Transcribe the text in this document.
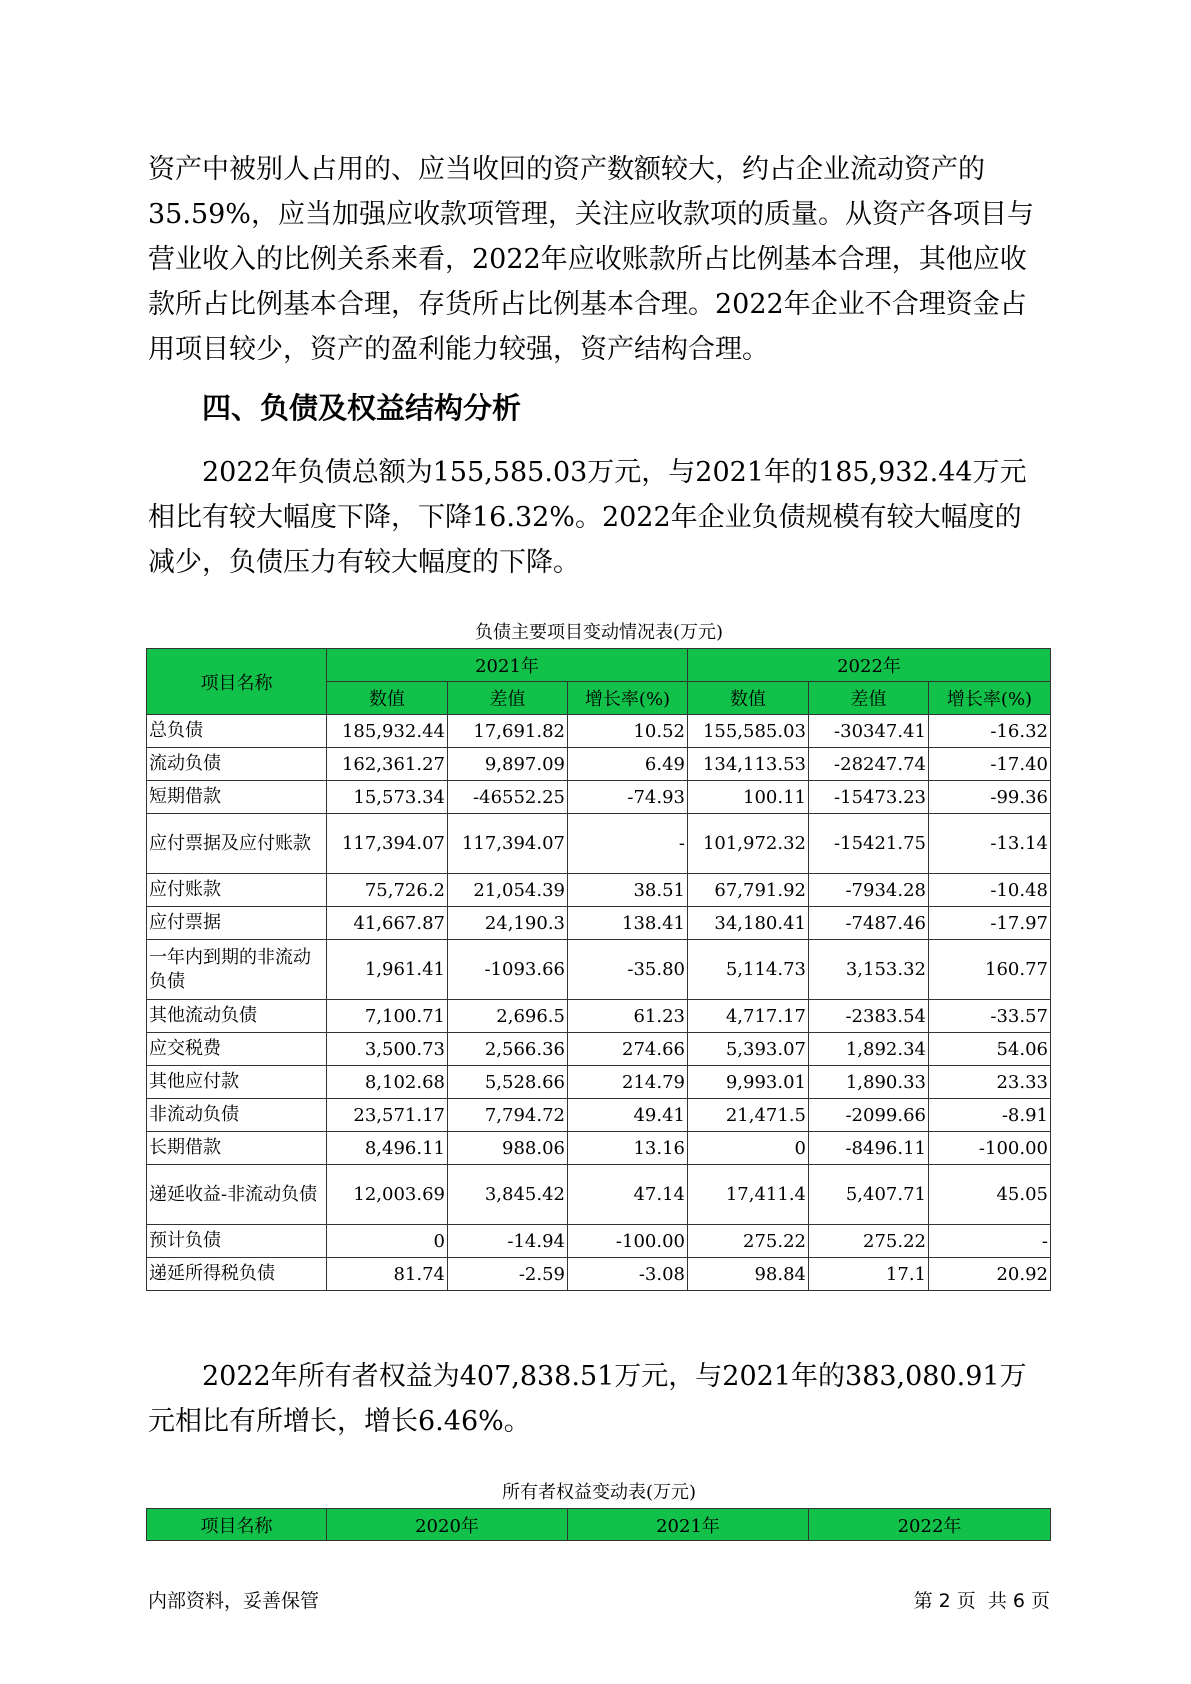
资产中被别人占用的、应当收回的资产数额较大，约占企业流动资产的35.59%，应当加强应收款项管理，关注应收款项的质量。从资产各项目与营业收入的比例关系来看，2022年应收账款所占比例基本合理，其他应收款所占比例基本合理，存货所占比例基本合理。2022年企业不合理资金占用项目较少，资产的盈利能力较强，资产结构合理。

四、负债及权益结构分析

2022年负债总额为155,585.03万元，与2021年的185,932.44万元相比有较大幅度下降，下降16.32%。2022年企业负债规模有较大幅度的减少，负债压力有较大幅度的下降。

负债主要项目变动情况表(万元)
项目名称	2021年			2022年		
	数值	差值	增长率(%)	数值	差值	增长率(%)
总负债	185,932.44	17,691.82	10.52	155,585.03	-30347.41	-16.32
流动负债	162,361.27	9,897.09	6.49	134,113.53	-28247.74	-17.40
短期借款	15,573.34	-46552.25	-74.93	100.11	-15473.23	-99.36
应付票据及应付账款	117,394.07	117,394.07	-	101,972.32	-15421.75	-13.14
应付账款	75,726.2	21,054.39	38.51	67,791.92	-7934.28	-10.48
应付票据	41,667.87	24,190.3	138.41	34,180.41	-7487.46	-17.97
一年内到期的非流动负债	1,961.41	-1093.66	-35.80	5,114.73	3,153.32	160.77
其他流动负债	7,100.71	2,696.5	61.23	4,717.17	-2383.54	-33.57
应交税费	3,500.73	2,566.36	274.66	5,393.07	1,892.34	54.06
其他应付款	8,102.68	5,528.66	214.79	9,993.01	1,890.33	23.33
非流动负债	23,571.17	7,794.72	49.41	21,471.5	-2099.66	-8.91
长期借款	8,496.11	988.06	13.16	0	-8496.11	-100.00
递延收益-非流动负债	12,003.69	3,845.42	47.14	17,411.4	5,407.71	45.05
预计负债	0	-14.94	-100.00	275.22	275.22	-
递延所得税负债	81.74	-2.59	-3.08	98.84	17.1	20.92

2022年所有者权益为407,838.51万元，与2021年的383,080.91万元相比有所增长，增长6.46%。

所有者权益变动表(万元)
项目名称	2020年	2021年	2022年
内部资料，妥善保管	第 2 页  共 6 页
